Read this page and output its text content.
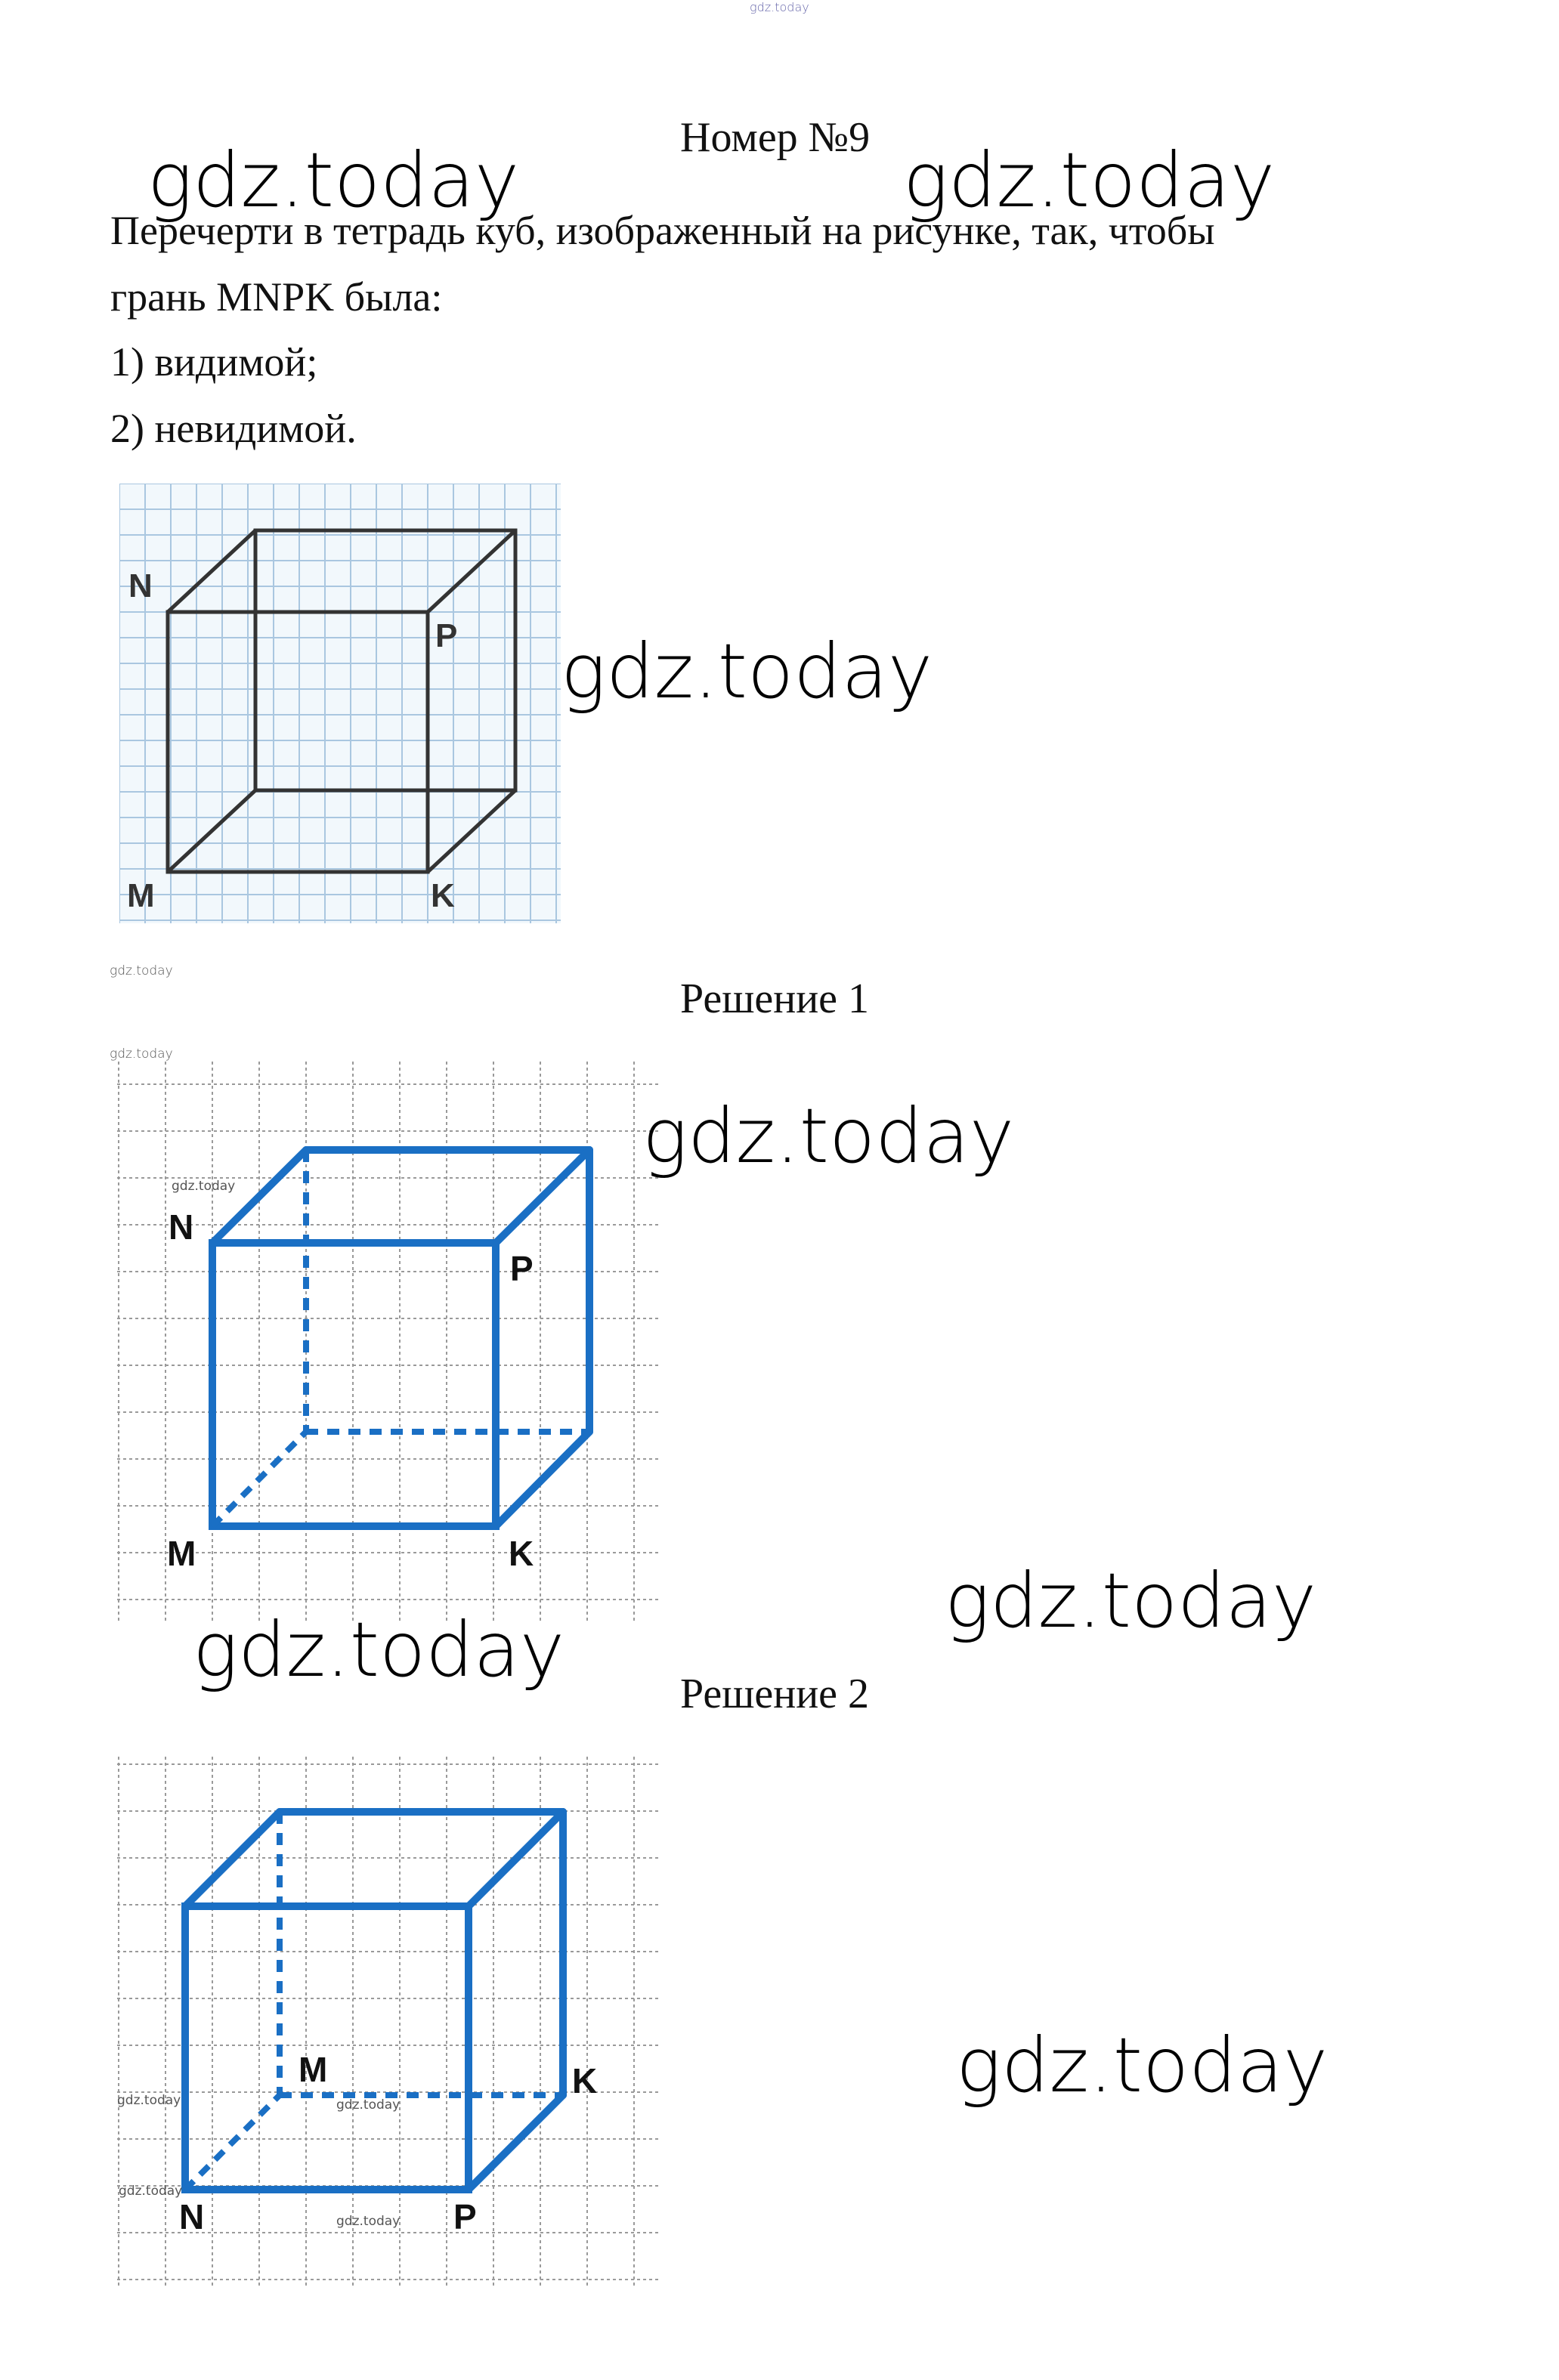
gdz.today
Номер №9
gdz.today	gdz.today
Перечерти в тетрадь куб, изображенный на рисунке, так, чтобы
грань MNPK была:
1) видимой;
2) невидимой.
N
P
M	K
gdz.today
gdz.today
Решение 1
gdz.today
gdz.today
N
P
M	K
gdz.today
gdz.today
gdz.today	Решение 2
gdz.today	gdz.today
gdz.today
gdz.today
M	K
N	P
gdz.today
